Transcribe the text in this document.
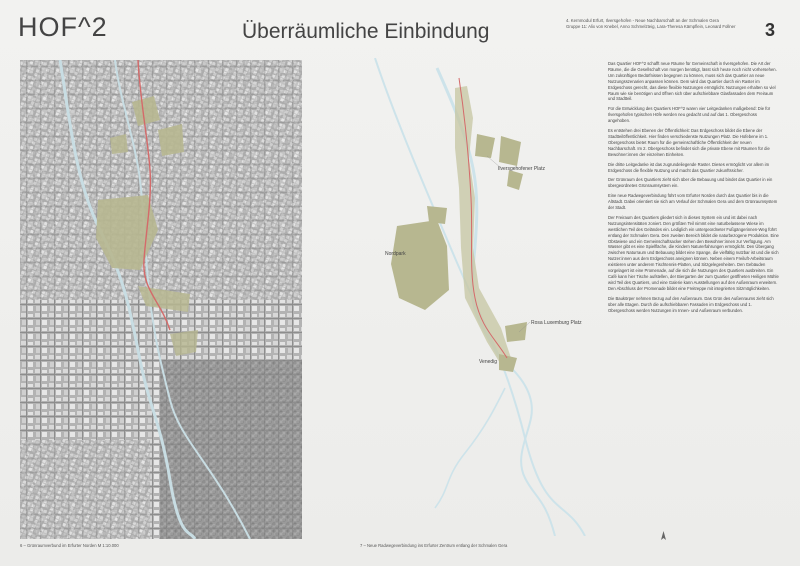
HOF^2	Überräumliche Einbindung	4. Kernmodul Erfurt, Ilversgehofen - Neue Nachbarschaft an der Schmalen Gera
Gruppe 11: Alix von Knebel, Anno Schmelzteig, Lara-Theresa Kämpflein, Leonard Follner	3
6 – Grünraumverbund im Erfurter Norden M 1:10.000
Ilversgehofener Platz
Nordpark
Rosa Luxemburg Platz
Venedig
7 – Neue Radwegeverbindung ins Erfurter Zentrum entlang der Schmalen Gera

Das Quartier HOF^2 schafft neue Räume für Gemeinschaft in Ilversgehofen. Die Art der Räume, die die Gesellschaft von morgen benötigt, lässt sich heute noch nicht vorhersehen. Um zukünftigen Bedürfnissen begegnen zu können, muss sich das Quartier an neue Nutzungsszenarien anpassen können. Dem wird das Quartier durch ein Raster im Erdgeschoss gerecht, das diese flexible Nutzungen ermöglicht. Nutzungen erhalten so viel Raum wie sie benötigen und öffnen sich über aufschiebbare Glasfassaden dem Freiraum und Stadtteil.

Für die Entwicklung des Quartiers HOF^2 waren vier Leitgedanken maßgebend: Die für Ilversgehofen typischen Höfe werden neu gedacht und auf das 1. Obergeschoss angehoben.

Es entstehen drei Ebenen der Öffentlichkeit: Das Erdgeschoss bildet die Ebene der Stadtteilöffentlichkeit. Hier finden verschiedenste Nutzungen Platz. Die Hofebene im 1. Obergeschoss bietet Raum für die gemeinschaftliche Öffentlichkeit der neuen Nachbarschaft. Im 2. Obergeschoss befindet sich die private Ebene mit Räumen für die Bewohner:innen der einzelnen Einheiten.

Die dritte Leitgedanke ist das zugrundeliegende Raster. Dieses ermöglicht vor allem im Erdgeschoss die flexible Nutzung und macht das Quartier zukunftssicher.

Der Grünraum des Quartiers zieht sich über die Bebauung und bindet das Quartier in ein übergeordnetes Grünraumsystem ein.

Eine neue Radwegeverbindung führt vom Erfurter Norden durch das Quartier bis in die Altstadt. Dabei orientiert sie sich am Verlauf der Schmalen Gera und dem Grünraumsystem der Stadt.

Der Freiraum des Quartiers gliedert sich in dieses System ein und ist dabei nach Nutzungsintensitäten zoniert. Den größten Teil nimmt eine naturbelassene Wiese im westlichen Teil des Geländes ein. Lediglich ein untergeordneter Fußgängerinnen-Weg führt entlang der Schmalen Gera. Den zweiten Bereich bildet die naturbezogene Produktion. Eine Obstwiese und ein Gemeinschaftsacker stehen den Bewohner:innen zur Verfügung. Am Wasser gibt es eine Spielfläche, die Kindern Naturerfahrungen ermöglicht. Den Übergang zwischen Naturraum und Bebauung bildet eine Spange, die vielfältig nutzbar ist und die sich Nutzer:innen aus dem Erdgeschoss aneignen können. Neben einem Freiluft-Arbeitsraum existieren unter anderem Tischtennis-Platten, und Sitzgelegenheiten. Den Gebäuden vorgelagert ist eine Promenade, auf die sich die Nutzungen des Quartiers ausbreiten. Ein Café kann hier Tische aufstellen, der Biergarten der zum Quartier geöffneten Heiligen Mühle wird Teil des Quartiers, und eine Galerie kann Ausstellungen auf den Außenraum erweitern. Den Abschluss der Promenade bildet eine Freitreppe mit integrierten Sitzmöglichkeiten.

Die Baukörper nehmen Bezug auf den Außenraum. Das Grün des Außenraums zieht sich über alle Etagen. Durch die aufschiebbaren Fassaden im Erdgeschoss und 1. Obergeschoss werden Nutzungen im Innen- und Außenraum verbunden.
